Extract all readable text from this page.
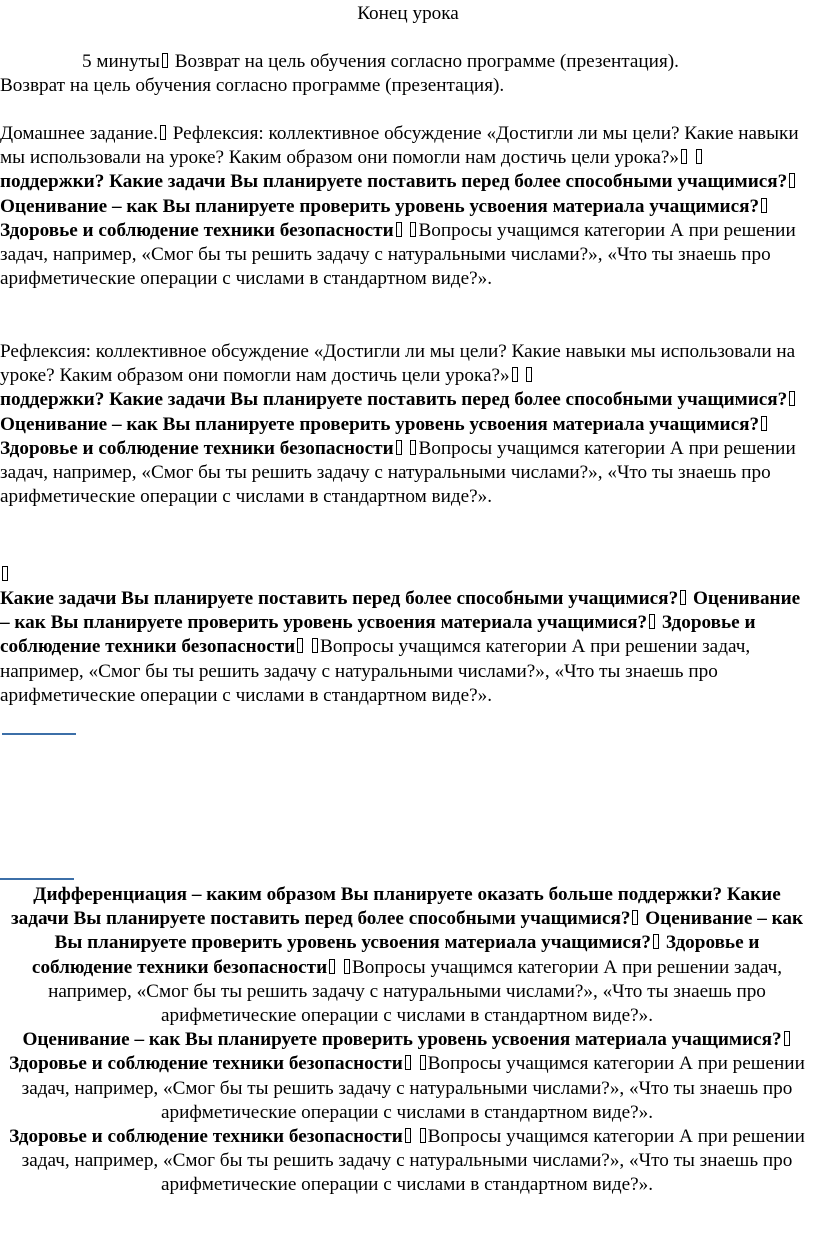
Конец урока

5 минуты Возврат на цель обучения согласно программе (презентация).

Возврат на цель обучения согласно программе (презентация).

Домашнее задание. Рефлексия: коллективное обсуждение «Достигли ли мы цели? Какие навыки мы использовали на уроке? Каким образом они помогли нам достичь цели урока?»

поддержки? Какие задачи Вы планируете поставить перед более способными учащимися? Оценивание – как Вы планируете проверить уровень усвоения материала учащимися? Здоровье и соблюдение техники безопасности Вопросы учащимся категории А при решении задач, например, «Смог бы ты решить задачу с натуральными числами?», «Что ты знаешь про арифметические операции с числами в стандартном виде?».

Рефлексия: коллективное обсуждение «Достигли ли мы цели? Какие навыки мы использовали на уроке? Каким образом они помогли нам достичь цели урока?»

поддержки? Какие задачи Вы планируете поставить перед более способными учащимися? Оценивание – как Вы планируете проверить уровень усвоения материала учащимися? Здоровье и соблюдение техники безопасности Вопросы учащимся категории А при решении задач, например, «Смог бы ты решить задачу с натуральными числами?», «Что ты знаешь про арифметические операции с числами в стандартном виде?».

Какие задачи Вы планируете поставить перед более способными учащимися? Оценивание – как Вы планируете проверить уровень усвоения материала учащимися? Здоровье и соблюдение техники безопасности Вопросы учащимся категории А при решении задач, например, «Смог бы ты решить задачу с натуральными числами?», «Что ты знаешь про арифметические операции с числами в стандартном виде?».

Дифференциация – каким образом Вы планируете оказать больше поддержки? Какие задачи Вы планируете поставить перед более способными учащимися? Оценивание – как Вы планируете проверить уровень усвоения материала учащимися? Здоровье и соблюдение техники безопасности Вопросы учащимся категории А при решении задач, например, «Смог бы ты решить задачу с натуральными числами?», «Что ты знаешь про арифметические операции с числами в стандартном виде?».

Оценивание – как Вы планируете проверить уровень усвоения материала учащимися? Здоровье и соблюдение техники безопасности Вопросы учащимся категории А при решении задач, например, «Смог бы ты решить задачу с натуральными числами?», «Что ты знаешь про арифметические операции с числами в стандартном виде?».

Здоровье и соблюдение техники безопасности Вопросы учащимся категории А при решении задач, например, «Смог бы ты решить задачу с натуральными числами?», «Что ты знаешь про арифметические операции с числами в стандартном виде?».
